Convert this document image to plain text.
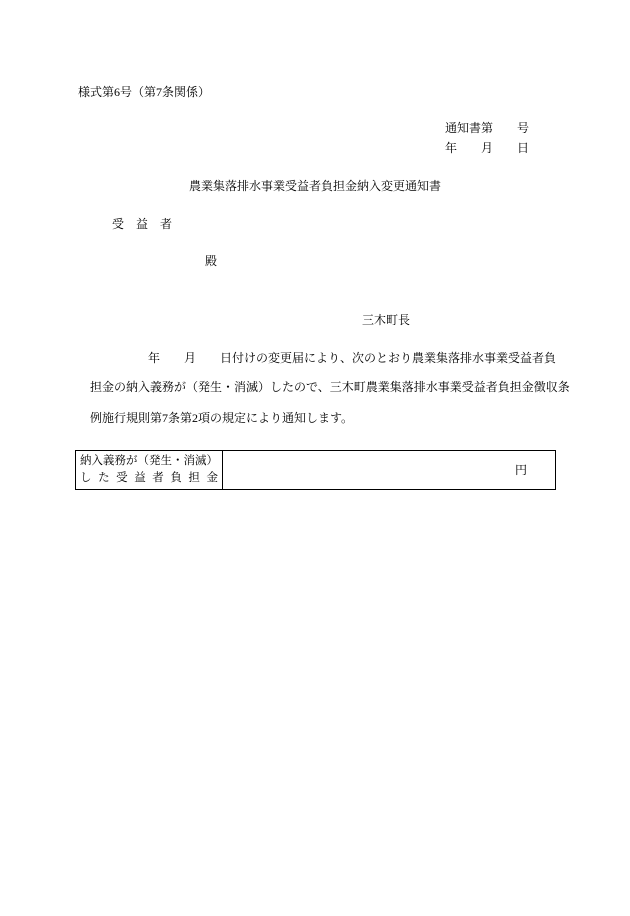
様式第6号（第7条関係）
通知書第　　号
年　　月　　日
農業集落排水事業受益者負担金納入変更通知書
受　益　者
殿
三木町長
年　　月　　日付けの変更届により、次のとおり農業集落排水事業受益者負
担金の納入義務が（発生・消滅）したので、三木町農業集落排水事業受益者負担金徴収条
例施行規則第7条第2項の規定により通知します。
納入義務が（発生・消滅）
し た 受 益 者 負 担 金
円
